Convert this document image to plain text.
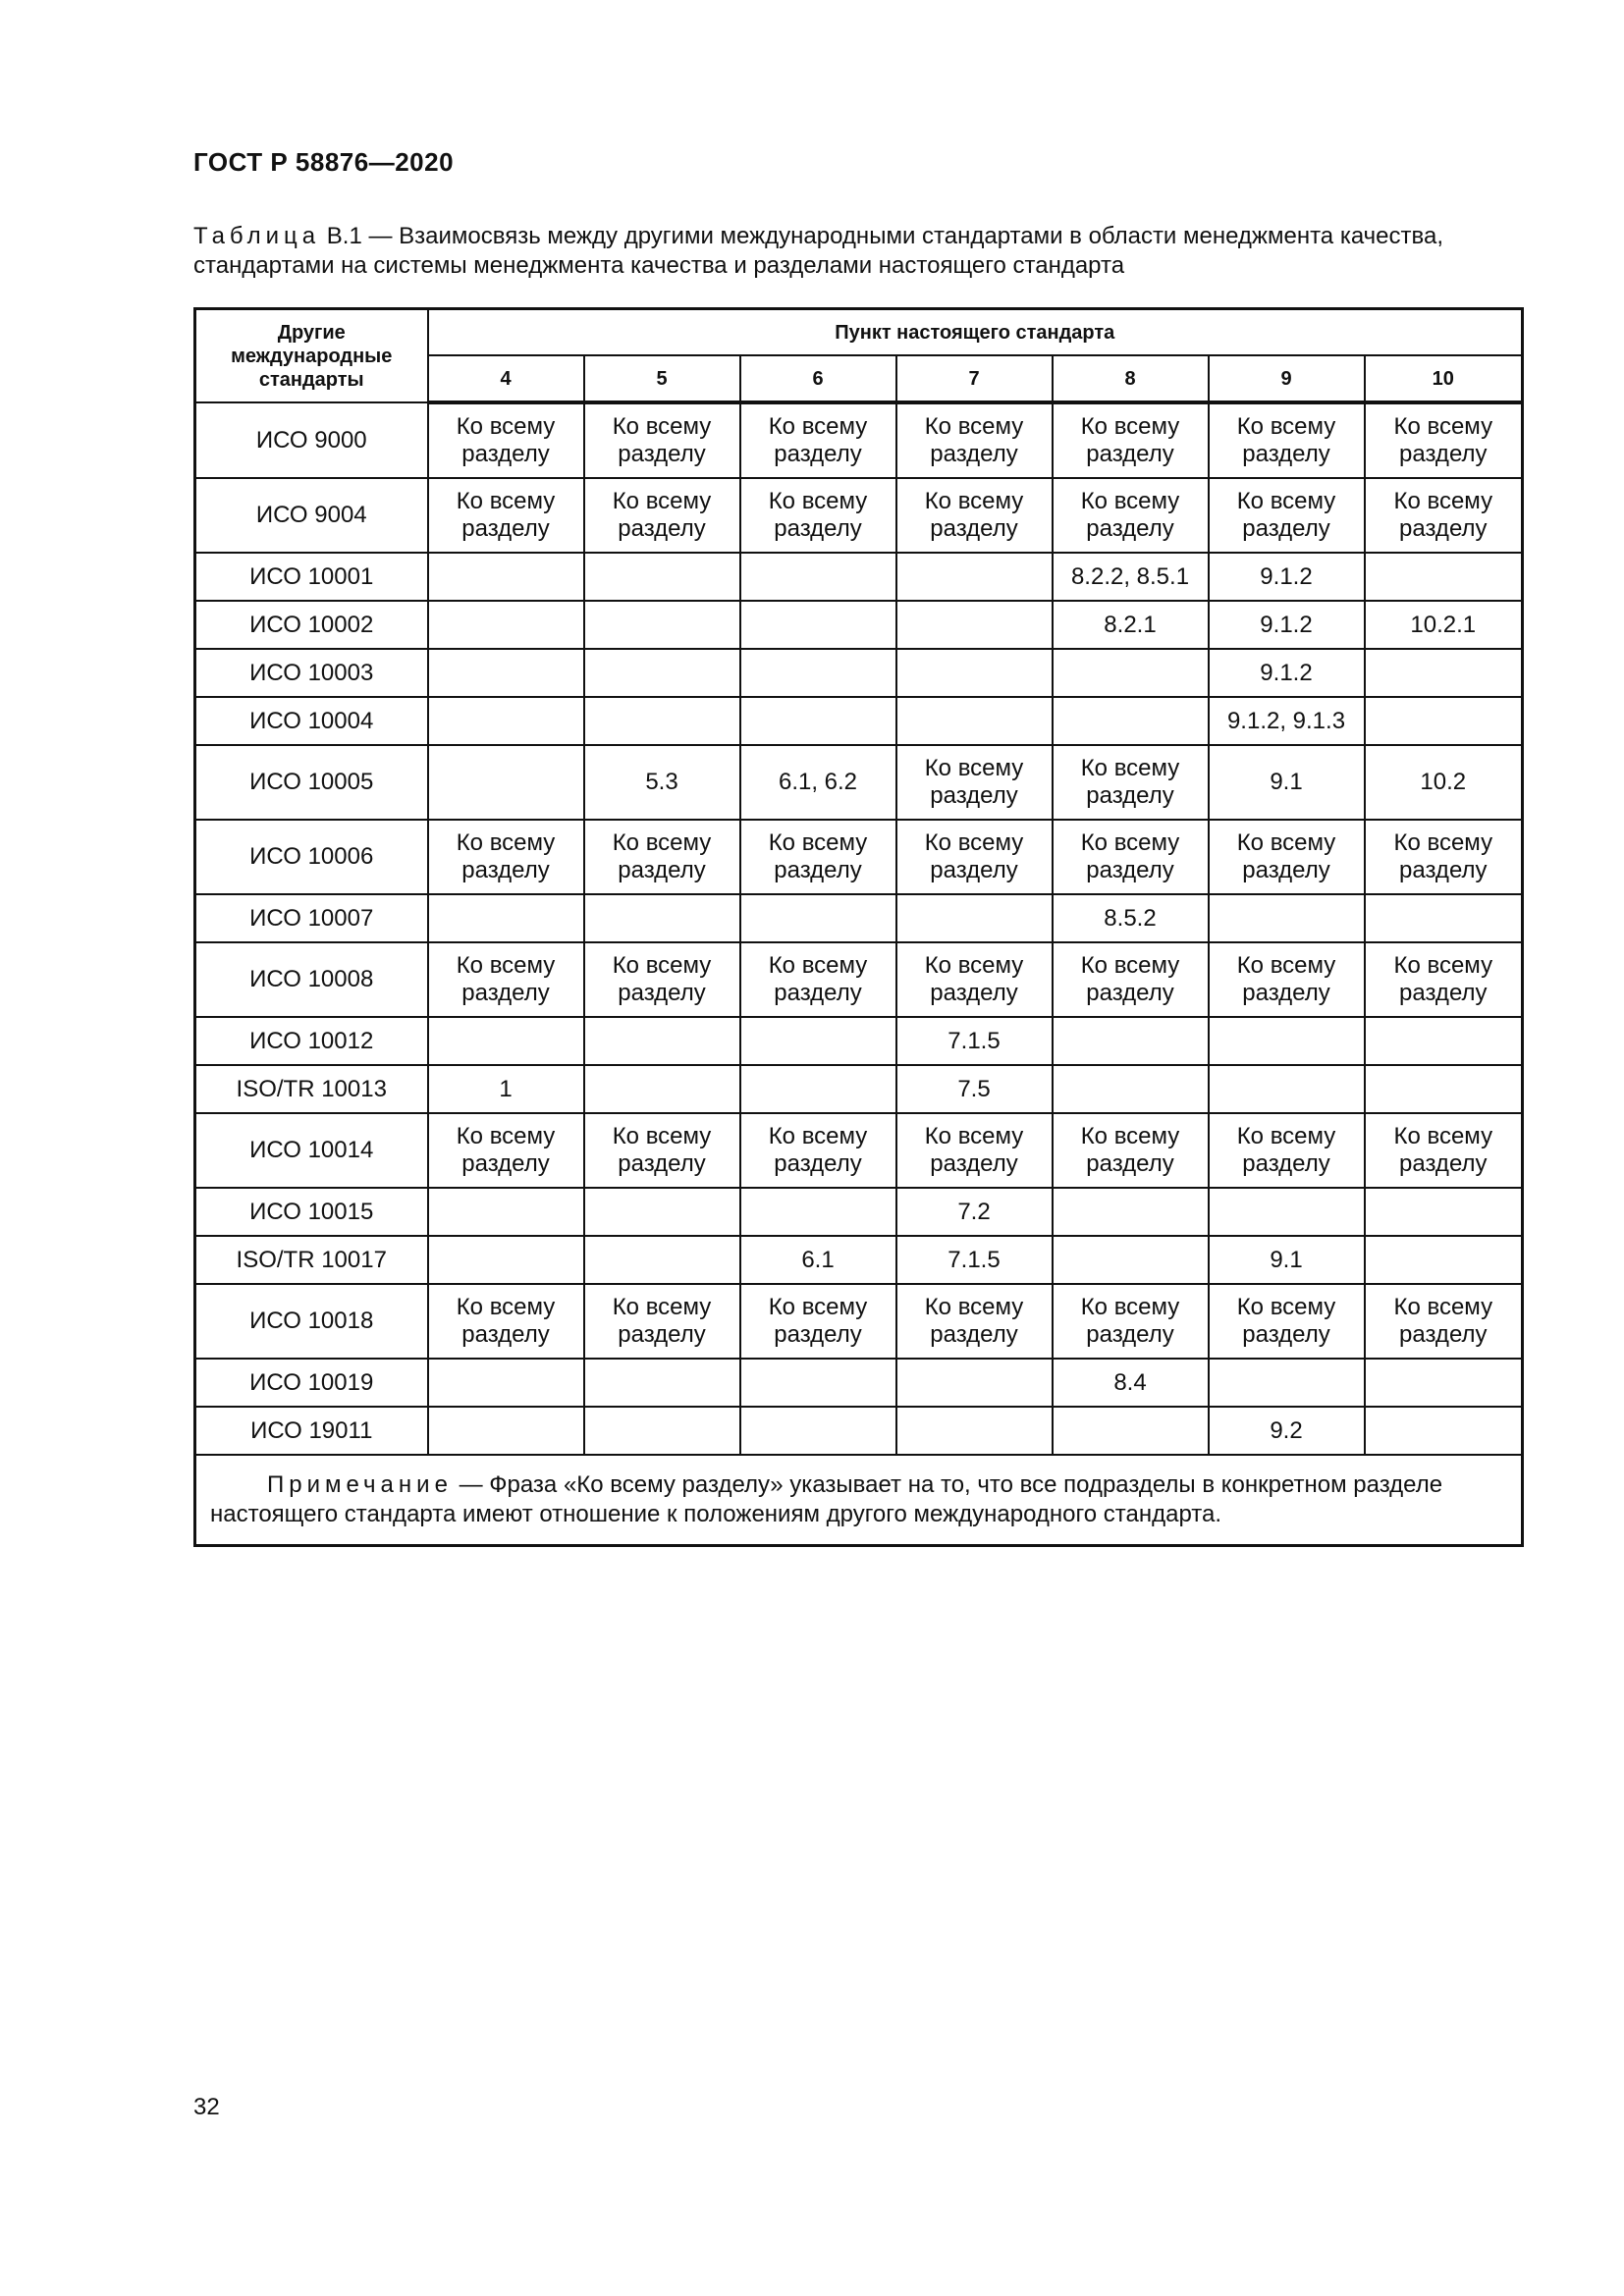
ГОСТ Р 58876—2020
Таблица В.1 — Взаимосвязь между другими международными стандартами в области менеджмента качества, стандартами на системы менеджмента качества и разделами настоящего стандарта
Другие международные стандарты	Пункт настоящего стандарта						
	4	5	6	7	8	9	10
ИСО 9000	Ко всему разделу	Ко всему разделу	Ко всему разделу	Ко всему разделу	Ко всему разделу	Ко всему разделу	Ко всему разделу
ИСО 9004	Ко всему разделу	Ко всему разделу	Ко всему разделу	Ко всему разделу	Ко всему разделу	Ко всему разделу	Ко всему разделу
ИСО 10001					8.2.2, 8.5.1	9.1.2	
ИСО 10002					8.2.1	9.1.2	10.2.1
ИСО 10003						9.1.2	
ИСО 10004						9.1.2, 9.1.3	
ИСО 10005		5.3	6.1, 6.2	Ко всему разделу	Ко всему разделу	9.1	10.2
ИСО 10006	Ко всему разделу	Ко всему разделу	Ко всему разделу	Ко всему разделу	Ко всему разделу	Ко всему разделу	Ко всему разделу
ИСО 10007					8.5.2		
ИСО 10008	Ко всему разделу	Ко всему разделу	Ко всему разделу	Ко всему разделу	Ко всему разделу	Ко всему разделу	Ко всему разделу
ИСО 10012				7.1.5			
ISO/TR 10013	1			7.5			
ИСО 10014	Ко всему разделу	Ко всему разделу	Ко всему разделу	Ко всему разделу	Ко всему разделу	Ко всему разделу	Ко всему разделу
ИСО 10015				7.2			
ISO/TR 10017			6.1	7.1.5		9.1	
ИСО 10018	Ко всему разделу	Ко всему разделу	Ко всему разделу	Ко всему разделу	Ко всему разделу	Ко всему разделу	Ко всему разделу
ИСО 10019					8.4		
ИСО 19011						9.2	
Примечание — Фраза «Ко всему разделу» указывает на то, что все подразделы в конкретном разделе настоящего стандарта имеют отношение к положениям другого международного стандарта.							
32
